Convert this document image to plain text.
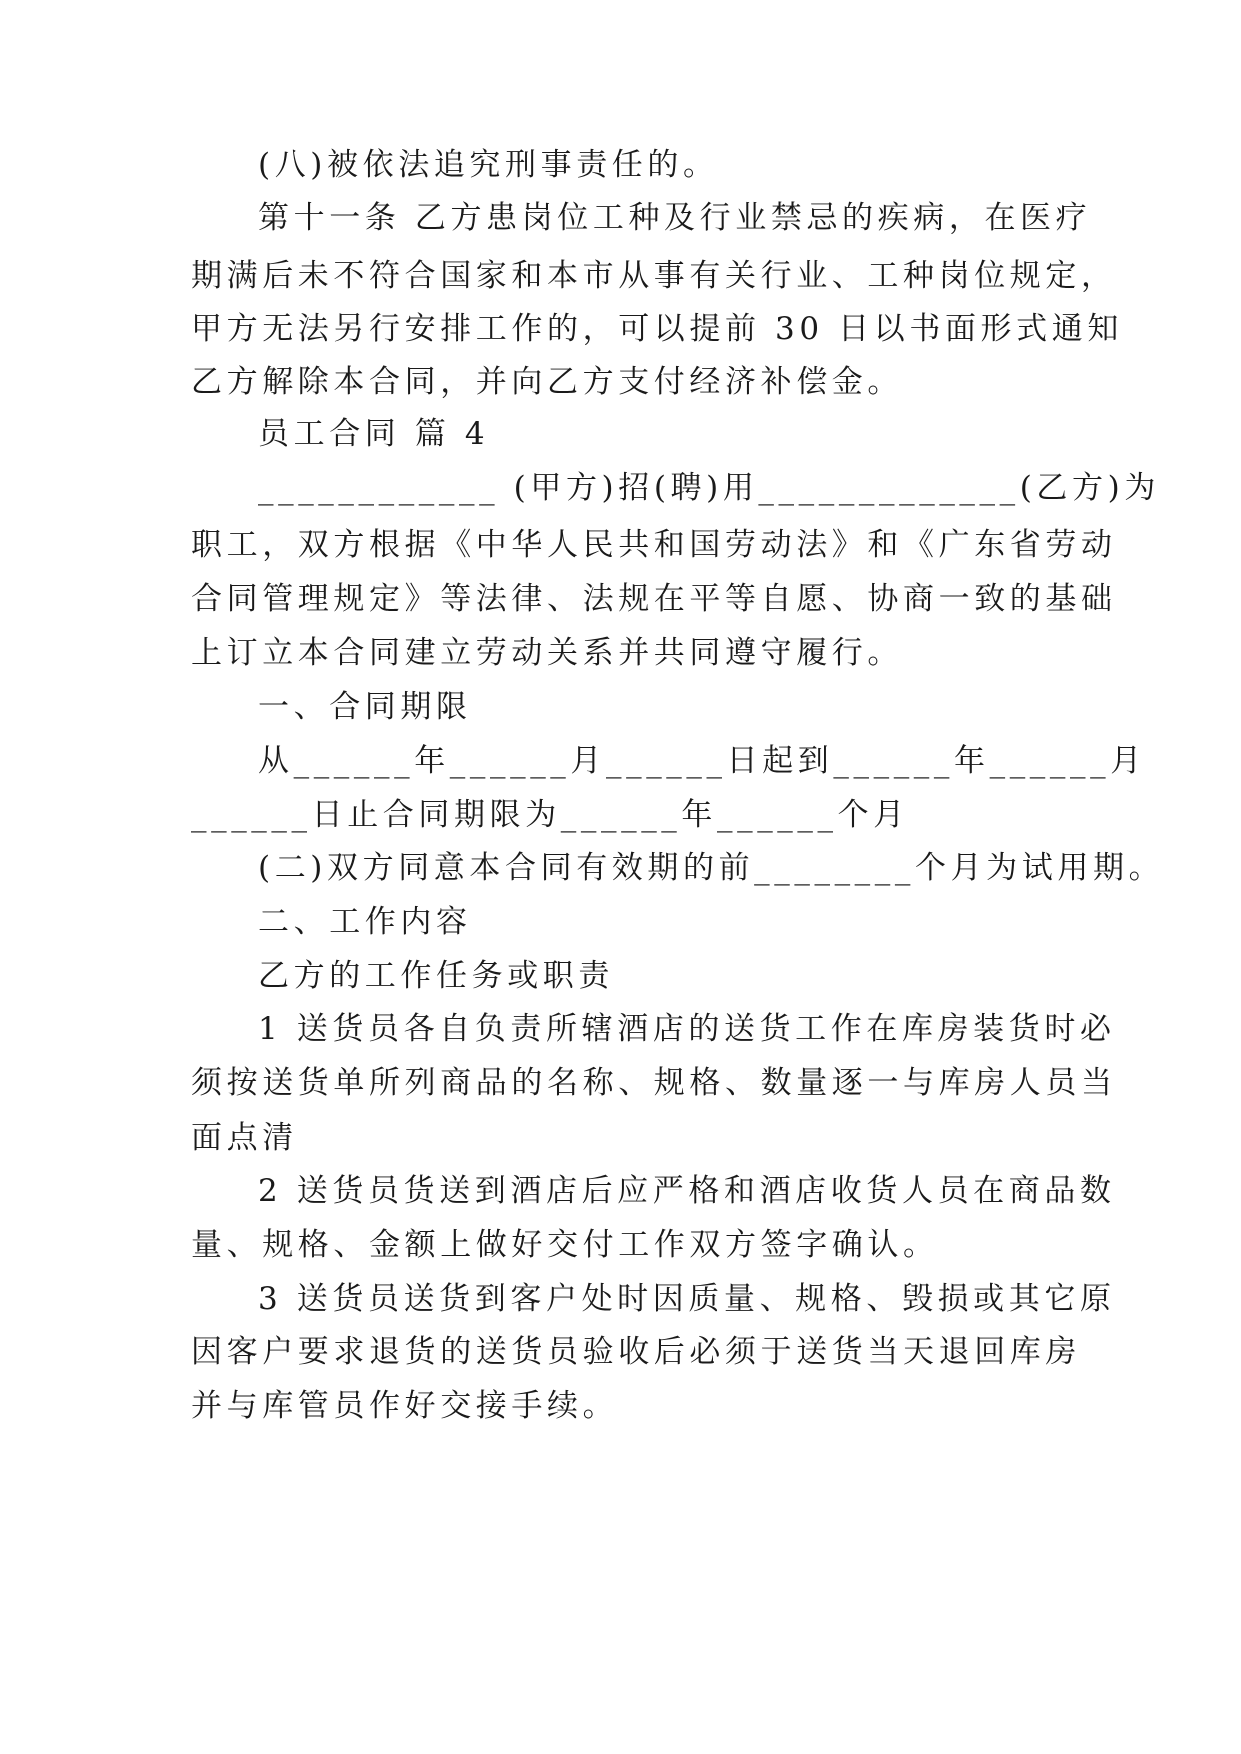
(八)被依法追究刑事责任的。
第十一条 乙方患岗位工种及行业禁忌的疾病，在医疗
期满后未不符合国家和本市从事有关行业、工种岗位规定，
甲方无法另行安排工作的，可以提前 30 日以书面形式通知
乙方解除本合同，并向乙方支付经济补偿金。
员工合同 篇 4
____________ (甲方)招(聘)用_____________(乙方)为
职工，双方根据《中华人民共和国劳动法》和《广东省劳动
合同管理规定》等法律、法规在平等自愿、协商一致的基础
上订立本合同建立劳动关系并共同遵守履行。
一、合同期限
从______年______月______日起到______年______月
______日止合同期限为______年______个月
(二)双方同意本合同有效期的前________个月为试用期。
二、工作内容
乙方的工作任务或职责
1 送货员各自负责所辖酒店的送货工作在库房装货时必
须按送货单所列商品的名称、规格、数量逐一与库房人员当
面点清
2 送货员货送到酒店后应严格和酒店收货人员在商品数
量、规格、金额上做好交付工作双方签字确认。
3 送货员送货到客户处时因质量、规格、毁损或其它原
因客户要求退货的送货员验收后必须于送货当天退回库房
并与库管员作好交接手续。
